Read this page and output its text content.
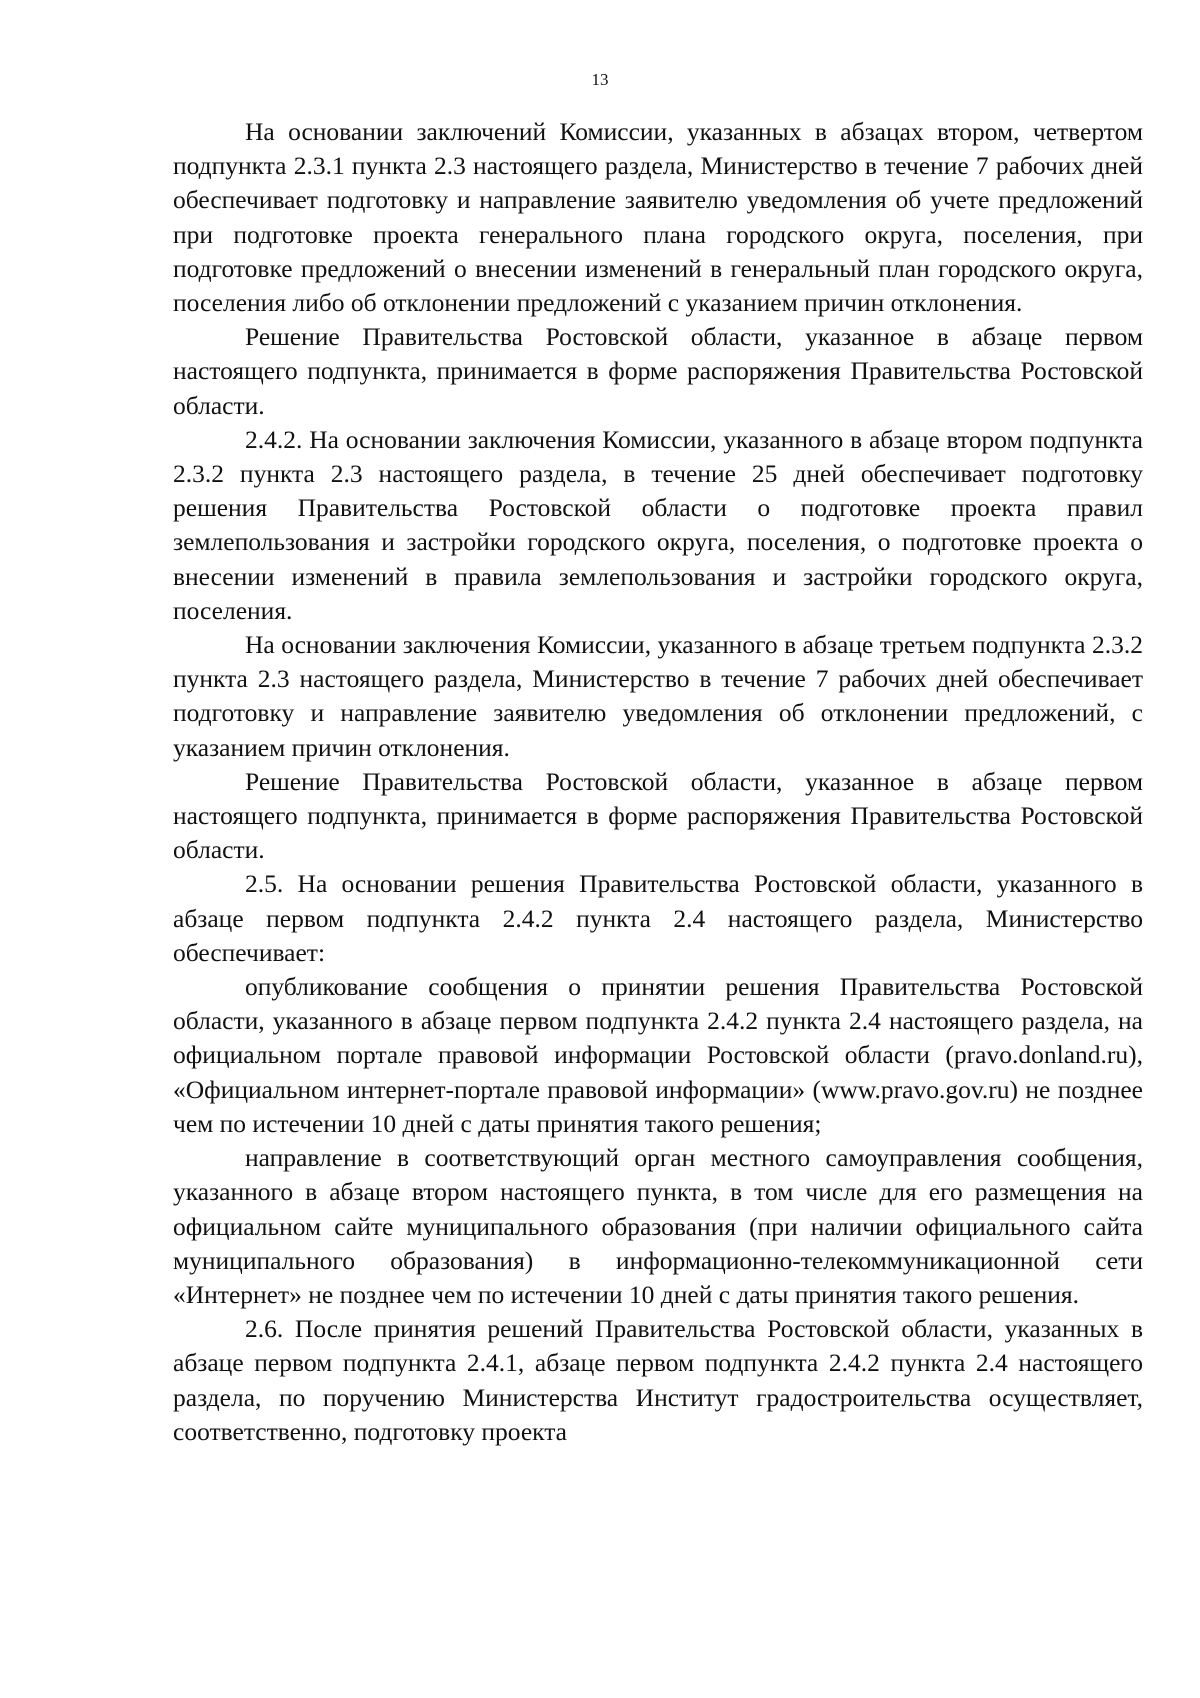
13

На основании заключений Комиссии, указанных в абзацах втором, четвертом подпункта 2.3.1 пункта 2.3 настоящего раздела, Министерство в течение 7 рабочих дней обеспечивает подготовку и направление заявителю уведомления об учете предложений при подготовке проекта генерального плана городского округа, поселения, при подготовке предложений о внесении изменений в генеральный план городского округа, поселения либо об отклонении предложений с указанием причин отклонения.

Решение Правительства Ростовской области, указанное в абзаце первом настоящего подпункта, принимается в форме распоряжения Правительства Ростовской области.

2.4.2. На основании заключения Комиссии, указанного в абзаце втором подпункта 2.3.2 пункта 2.3 настоящего раздела, в течение 25 дней обеспечивает подготовку решения Правительства Ростовской области о подготовке проекта правил землепользования и застройки городского округа, поселения, о подготовке проекта о внесении изменений в правила землепользования и застройки городского округа, поселения.

На основании заключения Комиссии, указанного в абзаце третьем подпункта 2.3.2 пункта 2.3 настоящего раздела, Министерство в течение 7 рабочих дней обеспечивает подготовку и направление заявителю уведомления об отклонении предложений, с указанием причин отклонения.

Решение Правительства Ростовской области, указанное в абзаце первом настоящего подпункта, принимается в форме распоряжения Правительства Ростовской области.

2.5. На основании решения Правительства Ростовской области, указанного в абзаце первом подпункта 2.4.2 пункта 2.4 настоящего раздела, Министерство обеспечивает:

опубликование сообщения о принятии решения Правительства Ростовской области, указанного в абзаце первом подпункта 2.4.2 пункта 2.4 настоящего раздела, на официальном портале правовой информации Ростовской области (pravo.donland.ru), «Официальном интернет-портале правовой информации» (www.pravo.gov.ru) не позднее чем по истечении 10 дней с даты принятия такого решения;

направление в соответствующий орган местного самоуправления сообщения, указанного в абзаце втором настоящего пункта, в том числе для его размещения на официальном сайте муниципального образования (при наличии официального сайта муниципального образования) в информационно-телекоммуникационной сети «Интернет» не позднее чем по истечении 10 дней с даты принятия такого решения.

2.6. После принятия решений Правительства Ростовской области, указанных в абзаце первом подпункта 2.4.1, абзаце первом подпункта 2.4.2 пункта 2.4 настоящего раздела, по поручению Министерства Институт градостроительства осуществляет, соответственно, подготовку проекта
